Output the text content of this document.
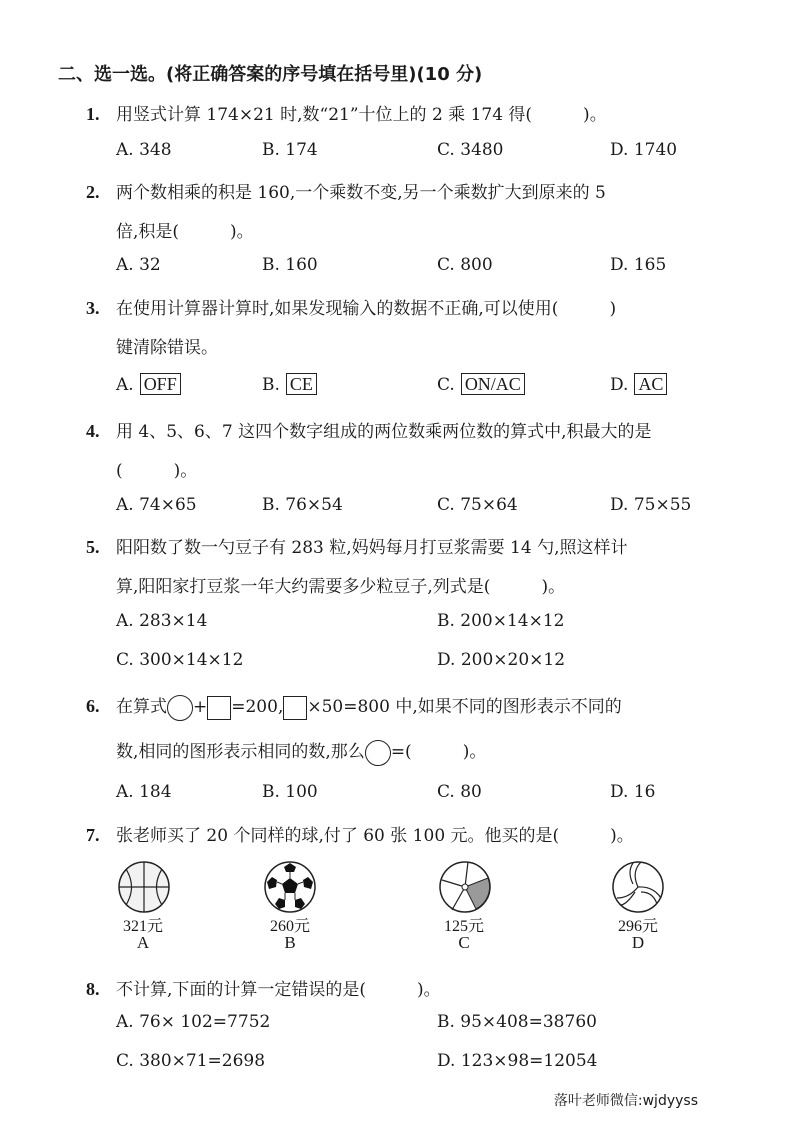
二、选一选。(将正确答案的序号填在括号里)(10 分)
1. 用竖式计算 174×21 时,数“21”十位上的 2 乘 174 得(　　　)。
A. 348	B. 174	C. 3480	D. 1740
2. 两个数相乘的积是 160,一个乘数不变,另一个乘数扩大到原来的 5
倍,积是(　　　)。
A. 32	B. 160	C. 800	D. 165
3. 在使用计算器计算时,如果发现输入的数据不正确,可以使用(　　　)
键清除错误。
A. OFF	B. CE	C. ON/AC	D. AC
4. 用 4、5、6、7 这四个数字组成的两位数乘两位数的算式中,积最大的是
(　　　)。
A. 74×65	B. 76×54	C. 75×64	D. 75×55
5. 阳阳数了数一勺豆子有 283 粒,妈妈每月打豆浆需要 14 勺,照这样计
算,阳阳家打豆浆一年大约需要多少粒豆子,列式是(　　　)。
A. 283×14	B. 200×14×12
C. 300×14×12	D. 200×20×12
6. 在算式 + =200, ×50=800 中,如果不同的图形表示不同的
数,相同的图形表示相同的数,那么 =(　　　)。
A. 184	B. 100	C. 80	D. 16
7. 张老师买了 20 个同样的球,付了 60 张 100 元。他买的是(　　　)。
321元
A
260元
B
125元
C
296元
D
8. 不计算,下面的计算一定错误的是(　　　)。
A. 76× 102=7752	B. 95×408=38760
C. 380×71=2698	D. 123×98=12054
落叶老师微信:wjdyyss
